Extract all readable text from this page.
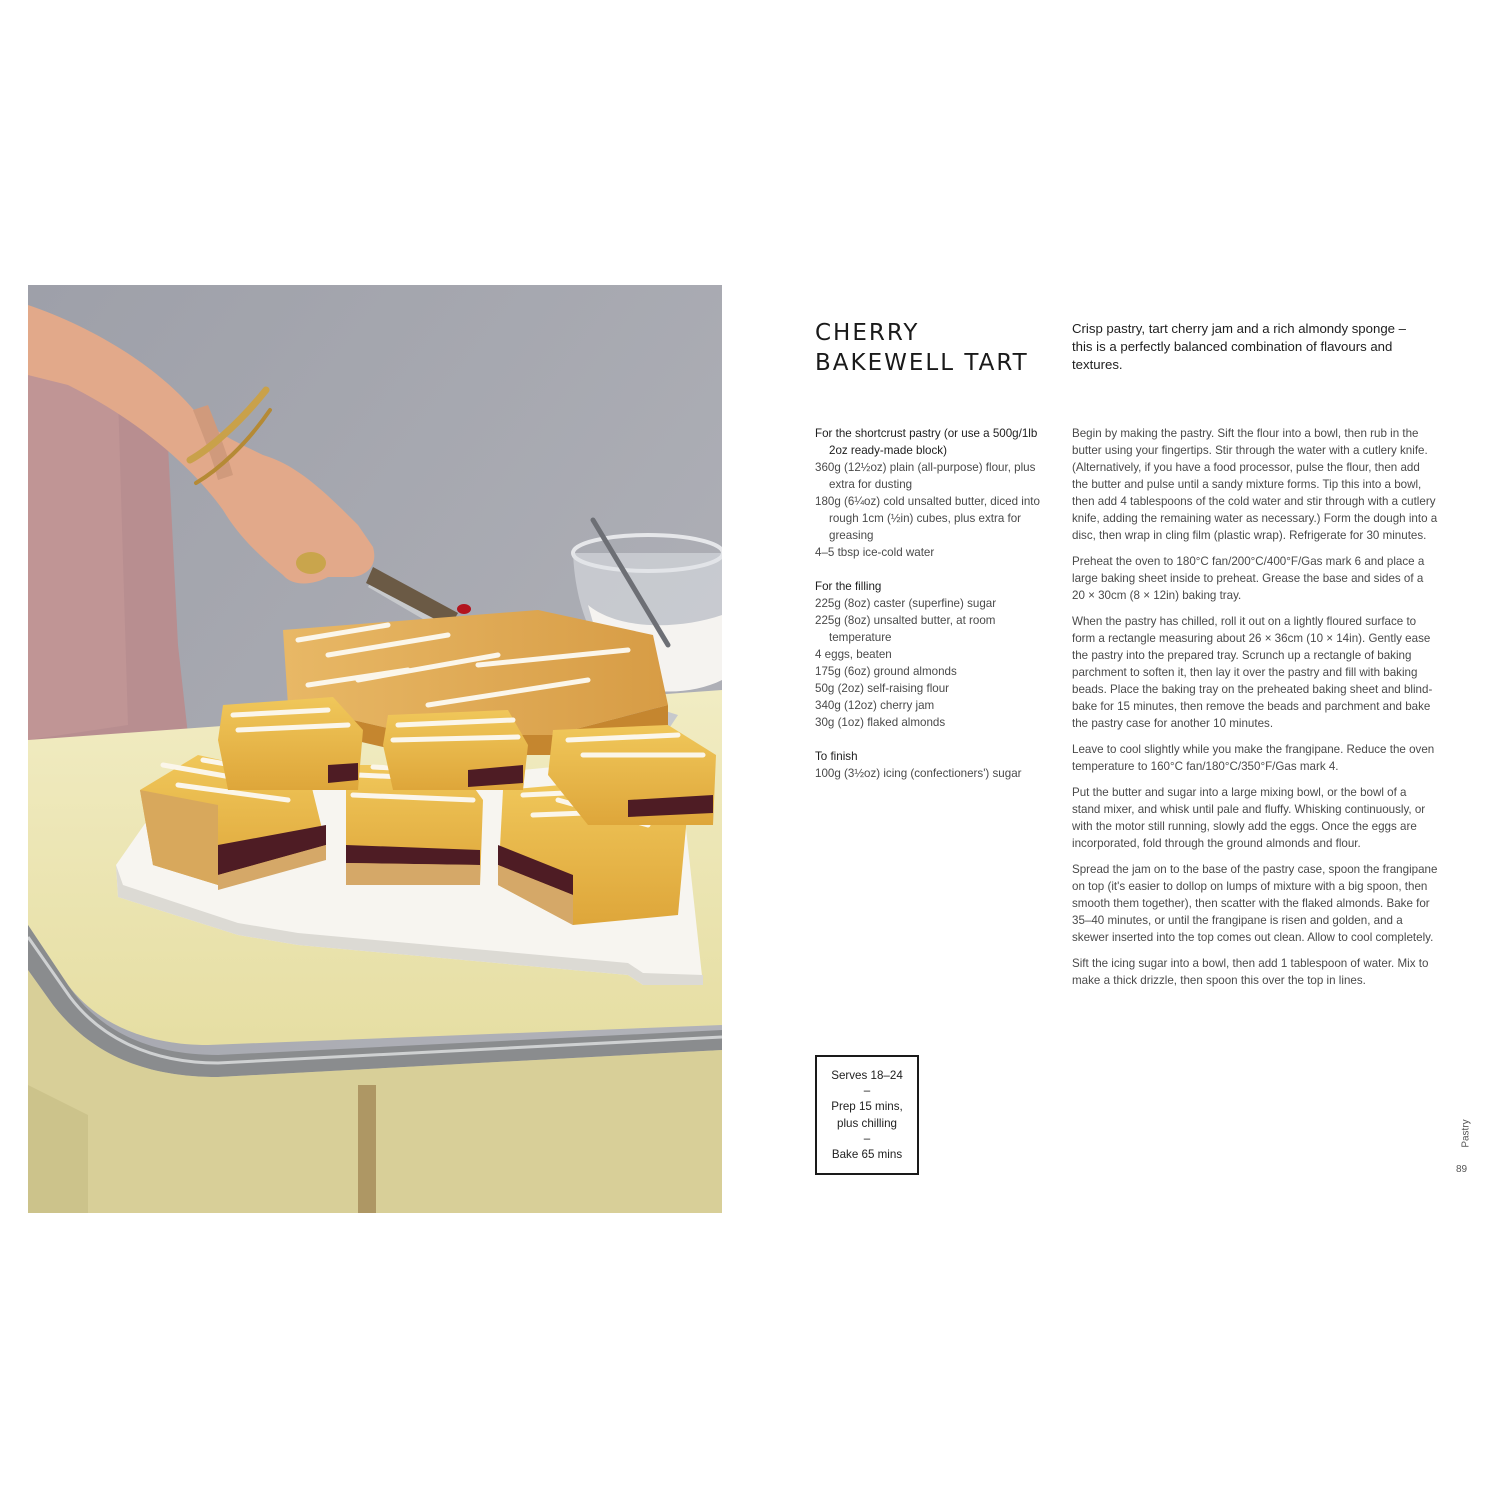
CHERRY
BAKEWELL TART

Crisp pastry, tart cherry jam and a rich almondy sponge – this is a perfectly balanced combination of flavours and textures.

For the shortcrust pastry (or use a 500g/1lb 2oz ready-made block)

360g (12½oz) plain (all-purpose) flour, plus extra for dusting
180g (6¼oz) cold unsalted butter, diced into rough 1cm (½in) cubes, plus extra for greasing
4–5 tbsp ice-cold water

For the filling

225g (8oz) caster (superfine) sugar
225g (8oz) unsalted butter, at room temperature
4 eggs, beaten
175g (6oz) ground almonds
50g (2oz) self-raising flour
340g (12oz) cherry jam
30g (1oz) flaked almonds

To finish

100g (3½oz) icing (confectioners') sugar

Begin by making the pastry. Sift the flour into a bowl, then rub in the butter using your fingertips. Stir through the water with a cutlery knife. (Alternatively, if you have a food processor, pulse the flour, then add the butter and pulse until a sandy mixture forms. Tip this into a bowl, then add 4 tablespoons of the cold water and stir through with a cutlery knife, adding the remaining water as necessary.) Form the dough into a disc, then wrap in cling film (plastic wrap). Refrigerate for 30 minutes.

Preheat the oven to 180°C fan/200°C/400°F/Gas mark 6 and place a large baking sheet inside to preheat. Grease the base and sides of a 20 × 30cm (8 × 12in) baking tray.

When the pastry has chilled, roll it out on a lightly floured surface to form a rectangle measuring about 26 × 36cm (10 × 14in). Gently ease the pastry into the prepared tray. Scrunch up a rectangle of baking parchment to soften it, then lay it over the pastry and fill with baking beads. Place the baking tray on the preheated baking sheet and blind-bake for 15 minutes, then remove the beads and parchment and bake the pastry case for another 10 minutes.

Leave to cool slightly while you make the frangipane. Reduce the oven temperature to 160°C fan/180°C/350°F/Gas mark 4.

Put the butter and sugar into a large mixing bowl, or the bowl of a stand mixer, and whisk until pale and fluffy. Whisking continuously, or with the motor still running, slowly add the eggs. Once the eggs are incorporated, fold through the ground almonds and flour.

Spread the jam on to the base of the pastry case, spoon the frangipane on top (it's easier to dollop on lumps of mixture with a big spoon, then smooth them together), then scatter with the flaked almonds. Bake for 35–40 minutes, or until the frangipane is risen and golden, and a skewer inserted into the top comes out clean. Allow to cool completely.

Sift the icing sugar into a bowl, then add 1 tablespoon of water. Mix to make a thick drizzle, then spoon this over the top in lines.

Serves 18–24
–
Prep 15 mins,
plus chilling
–
Bake 65 mins
Pastry
89
